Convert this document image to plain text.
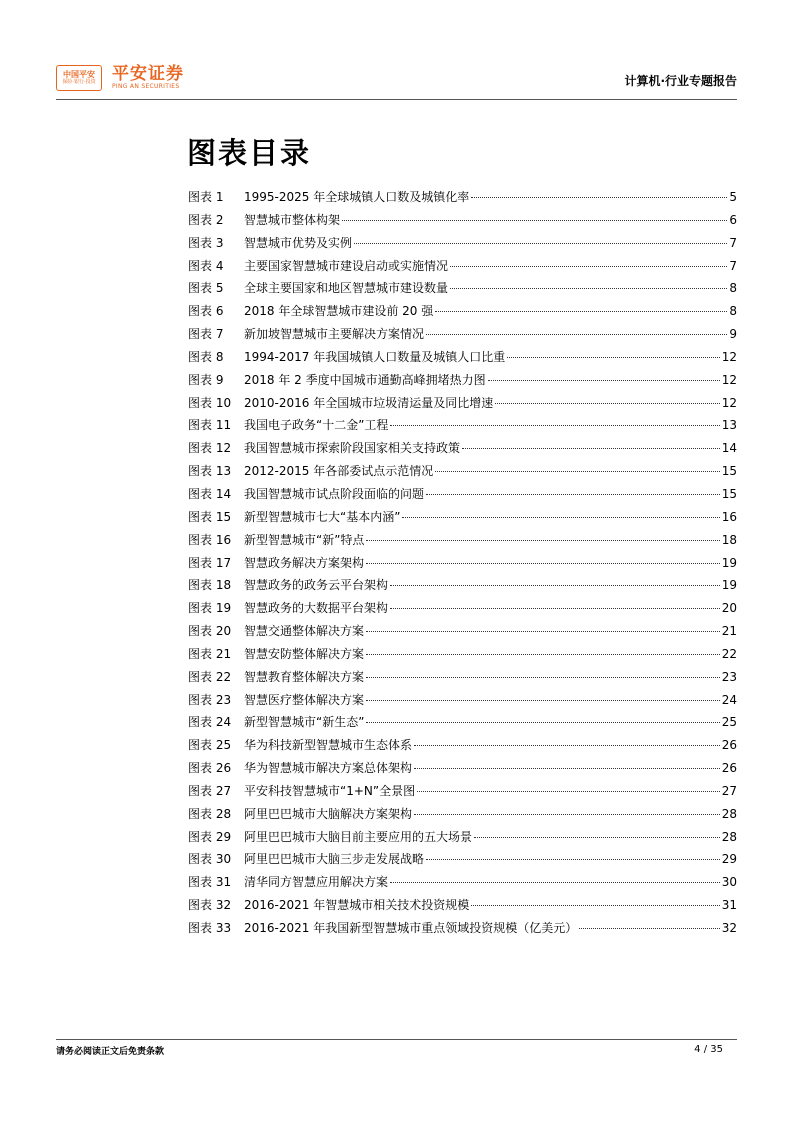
中国平安
保险·银行·投资 平安证券
PING AN SECURITIES	计算机·行业专题报告
图表目录
图表 1	1995-2025 年全球城镇人口数及城镇化率	5
图表 2	智慧城市整体构架	6
图表 3	智慧城市优势及实例	7
图表 4	主要国家智慧城市建设启动或实施情况	7
图表 5	全球主要国家和地区智慧城市建设数量	8
图表 6	2018 年全球智慧城市建设前 20 强	8
图表 7	新加坡智慧城市主要解决方案情况	9
图表 8	1994-2017 年我国城镇人口数量及城镇人口比重	12
图表 9	2018 年 2 季度中国城市通勤高峰拥堵热力图	12
图表 10	2010-2016 年全国城市垃圾清运量及同比增速	12
图表 11	我国电子政务“十二金”工程	13
图表 12	我国智慧城市探索阶段国家相关支持政策	14
图表 13	2012-2015 年各部委试点示范情况	15
图表 14	我国智慧城市试点阶段面临的问题	15
图表 15	新型智慧城市七大“基本内涵”	16
图表 16	新型智慧城市“新”特点	18
图表 17	智慧政务解决方案架构	19
图表 18	智慧政务的政务云平台架构	19
图表 19	智慧政务的大数据平台架构	20
图表 20	智慧交通整体解决方案	21
图表 21	智慧安防整体解决方案	22
图表 22	智慧教育整体解决方案	23
图表 23	智慧医疗整体解决方案	24
图表 24	新型智慧城市“新生态”	25
图表 25	华为科技新型智慧城市生态体系	26
图表 26	华为智慧城市解决方案总体架构	26
图表 27	平安科技智慧城市“1+N”全景图	27
图表 28	阿里巴巴城市大脑解决方案架构	28
图表 29	阿里巴巴城市大脑目前主要应用的五大场景	28
图表 30	阿里巴巴城市大脑三步走发展战略	29
图表 31	清华同方智慧应用解决方案	30
图表 32	2016-2021 年智慧城市相关技术投资规模	31
图表 33	2016-2021 年我国新型智慧城市重点领域投资规模（亿美元）	32
请务必阅读正文后免责条款	4 / 35
